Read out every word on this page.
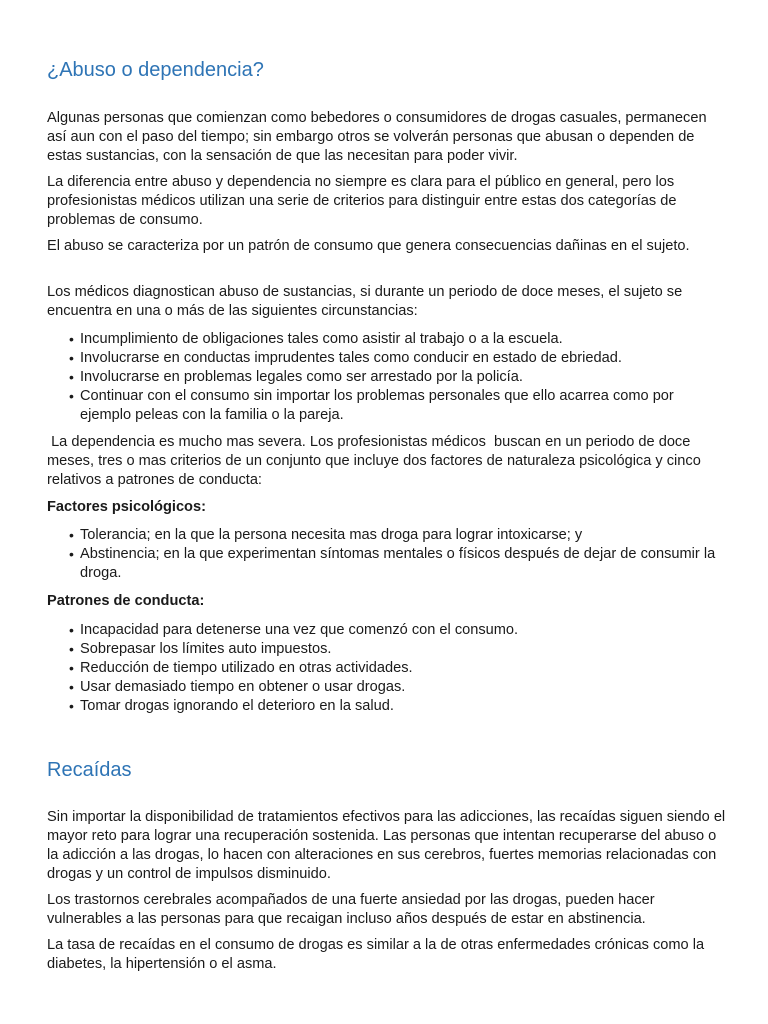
¿Abuso o dependencia?

Algunas personas que comienzan como bebedores o consumidores de drogas casuales, permanecen así aun con el paso del tiempo; sin embargo otros se volverán personas que abusan o dependen de estas sustancias, con la sensación de que las necesitan para poder vivir.

La diferencia entre abuso y dependencia no siempre es clara para el público en general, pero los profesionistas médicos utilizan una serie de criterios para distinguir entre estas dos categorías de problemas de consumo.

El abuso se caracteriza por un patrón de consumo que genera consecuencias dañinas en el sujeto.

Los médicos diagnostican abuso de sustancias, si durante un periodo de doce meses, el sujeto se encuentra en una o más de las siguientes circunstancias:

• Incumplimiento de obligaciones tales como asistir al trabajo o a la escuela.
• Involucrarse en conductas imprudentes tales como conducir en estado de ebriedad.
• Involucrarse en problemas legales como ser arrestado por la policía.
• Continuar con el consumo sin importar los problemas personales que ello acarrea como por ejemplo peleas con la familia o la pareja.

La dependencia es mucho mas severa. Los profesionistas médicos  buscan en un periodo de doce meses, tres o mas criterios de un conjunto que incluye dos factores de naturaleza psicológica y cinco relativos a patrones de conducta:

Factores psicológicos:

• Tolerancia; en la que la persona necesita mas droga para lograr intoxicarse; y
• Abstinencia; en la que experimentan síntomas mentales o físicos después de dejar de consumir la droga.

Patrones de conducta:

• Incapacidad para detenerse una vez que comenzó con el consumo.
• Sobrepasar los límites auto impuestos.
• Reducción de tiempo utilizado en otras actividades.
• Usar demasiado tiempo en obtener o usar drogas.
• Tomar drogas ignorando el deterioro en la salud.
Recaídas

Sin importar la disponibilidad de tratamientos efectivos para las adicciones, las recaídas siguen siendo el mayor reto para lograr una recuperación sostenida. Las personas que intentan recuperarse del abuso o la adicción a las drogas, lo hacen con alteraciones en sus cerebros, fuertes memorias relacionadas con drogas y un control de impulsos disminuido.

Los trastornos cerebrales acompañados de una fuerte ansiedad por las drogas, pueden hacer vulnerables a las personas para que recaigan incluso años después de estar en abstinencia.

La tasa de recaídas en el consumo de drogas es similar a la de otras enfermedades crónicas como la diabetes, la hipertensión o el asma.
